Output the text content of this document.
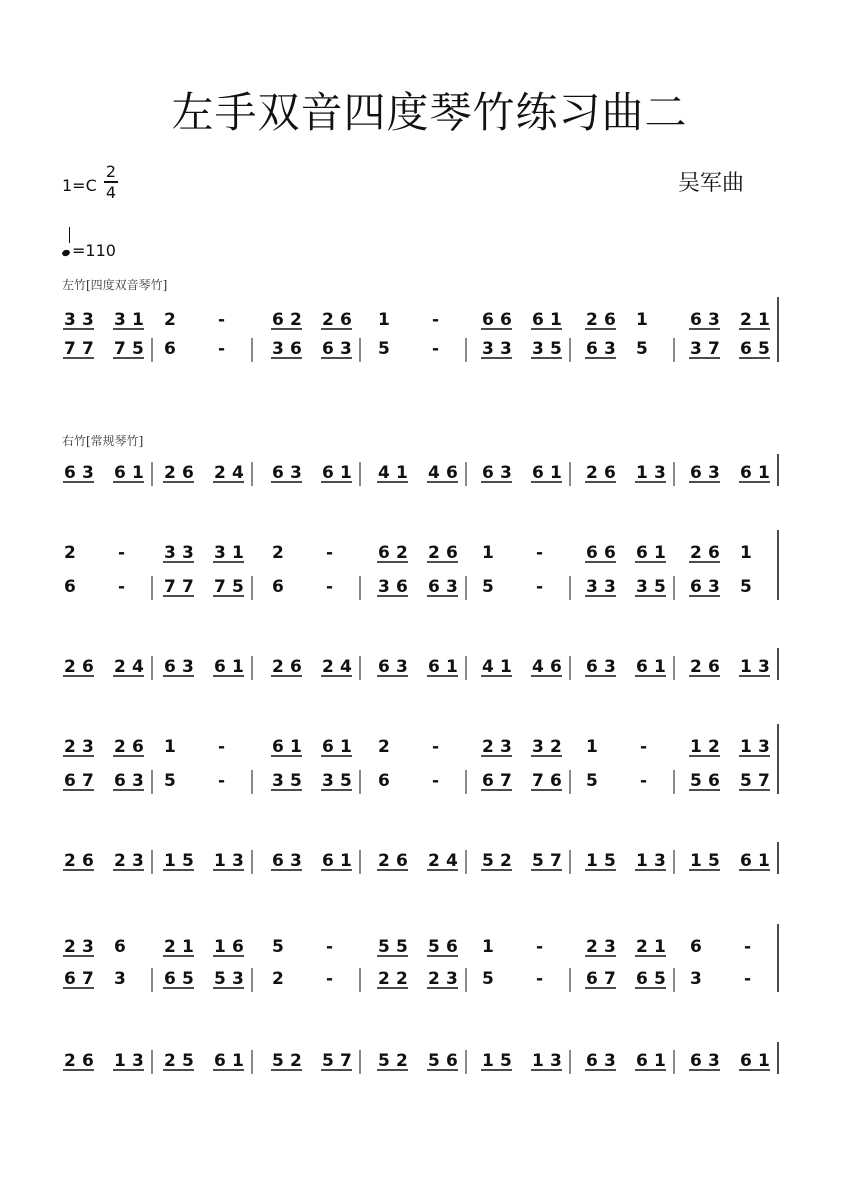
左手双音四度琴竹练习曲二
1=C
2
4	吴军曲
=110
左竹[四度双音琴竹]
右竹[常规琴竹]
3 3 3 1 2 -	6 2 2 6 1 -	6 6 6 1 2 6 1 6 3 2 1
7 7 7 5 6 -	3 6 6 3 5 -	3 3 3 5 6 3 5 3 7 6 5
6 3 6 1 2 6 2 4 6 3 6 1 4 1 4 6 6 3 6 1 2 6 1 3 6 3 6 1
2 - 3 3 3 1 2 -	6 2 2 6 1 -	6 6 6 1 2 6 1
6 - 7 7 7 5 6 -	3 6 6 3 5 -	3 3 3 5 6 3 5
2 6 2 4 6 3 6 1 2 6 2 4 6 3 6 1 4 1 4 6 6 3 6 1 2 6 1 3
2 3 2 6 1 -	6 1 6 1 2 -	2 3 3 2 1 -	1 2 1 3
6 7 6 3 5 -	3 5 3 5 6 -	6 7 7 6 5 -	5 6 5 7
2 6 2 3 1 5 1 3 6 3 6 1 2 6 2 4 5 2 5 7 1 5 1 3 1 5 6 1
2 3 6 2 1 1 6 5 -	5 5 5 6 1 -	2 3 2 1 6 -
6 7 3 6 5 5 3 2 -	2 2 2 3 5 -	6 7 6 5 3 -
2 6 1 3 2 5 6 1 5 2 5 7 5 2 5 6 1 5 1 3 6 3 6 1 6 3 6 1
